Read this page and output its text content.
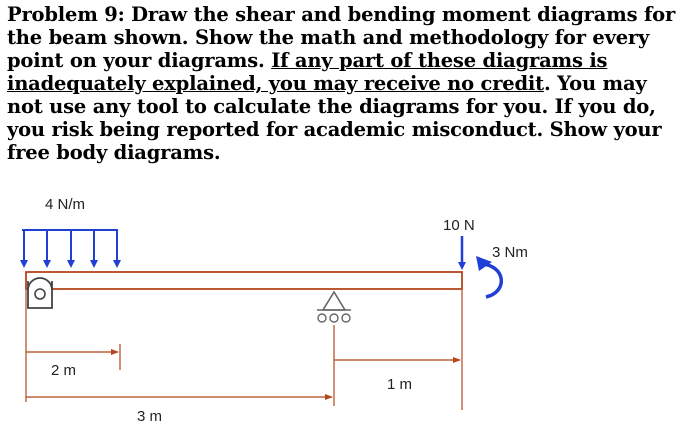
Problem 9: Draw the shear and bending moment diagrams for the beam shown. Show the math and methodology for every point on your diagrams. If any part of these diagrams is inadequately explained, you may receive no credit. You may not use any tool to calculate the diagrams for you. If you do, you risk being reported for academic misconduct. Show your free body diagrams.
4 N/m
10 N
3 Nm
2 m
1 m
3 m
